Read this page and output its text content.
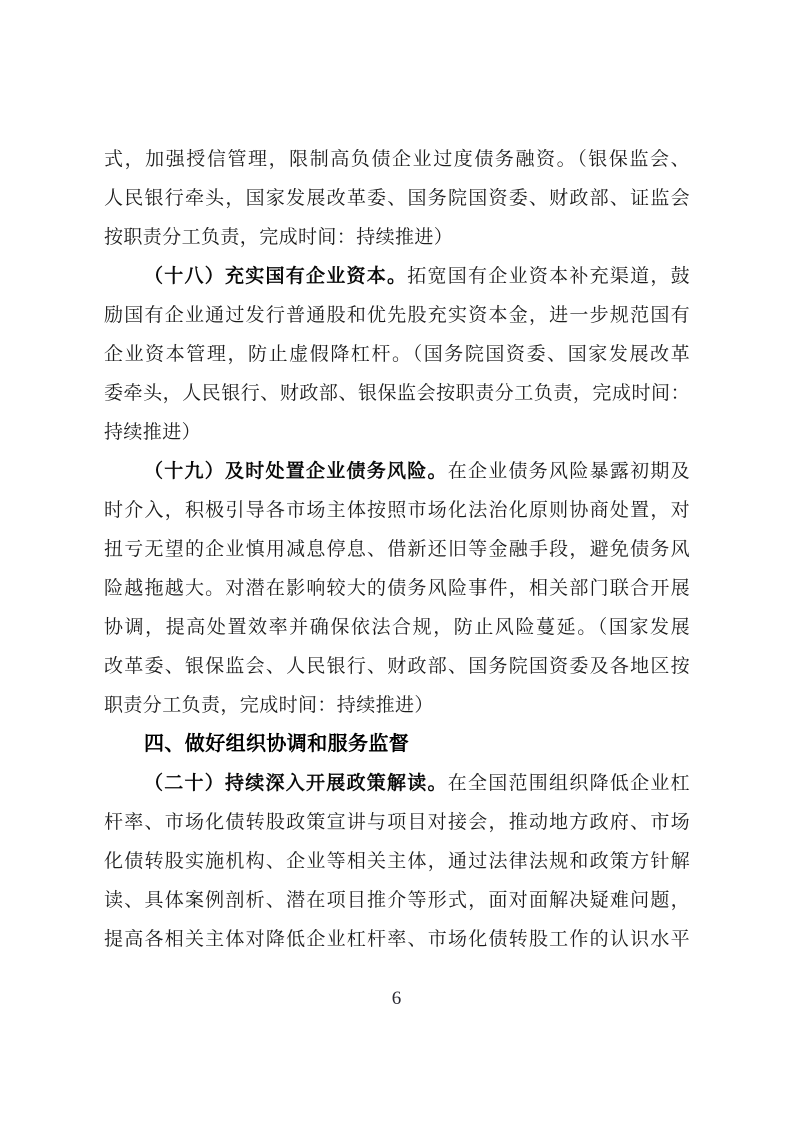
式，加强授信管理，限制高负债企业过度债务融资。（银保监会、
人民银行牵头，国家发展改革委、国务院国资委、财政部、证监会
按职责分工负责，完成时间：持续推进）
（十八）充实国有企业资本。拓宽国有企业资本补充渠道，鼓
励国有企业通过发行普通股和优先股充实资本金，进一步规范国有
企业资本管理，防止虚假降杠杆。（国务院国资委、国家发展改革
委牵头，人民银行、财政部、银保监会按职责分工负责，完成时间：
持续推进）
（十九）及时处置企业债务风险。在企业债务风险暴露初期及
时介入，积极引导各市场主体按照市场化法治化原则协商处置，对
扭亏无望的企业慎用减息停息、借新还旧等金融手段，避免债务风
险越拖越大。对潜在影响较大的债务风险事件，相关部门联合开展
协调，提高处置效率并确保依法合规，防止风险蔓延。（国家发展
改革委、银保监会、人民银行、财政部、国务院国资委及各地区按
职责分工负责，完成时间：持续推进）
四、做好组织协调和服务监督
（二十）持续深入开展政策解读。在全国范围组织降低企业杠
杆率、市场化债转股政策宣讲与项目对接会，推动地方政府、市场
化债转股实施机构、企业等相关主体，通过法律法规和政策方针解
读、具体案例剖析、潜在项目推介等形式，面对面解决疑难问题，
提高各相关主体对降低企业杠杆率、市场化债转股工作的认识水平
6
